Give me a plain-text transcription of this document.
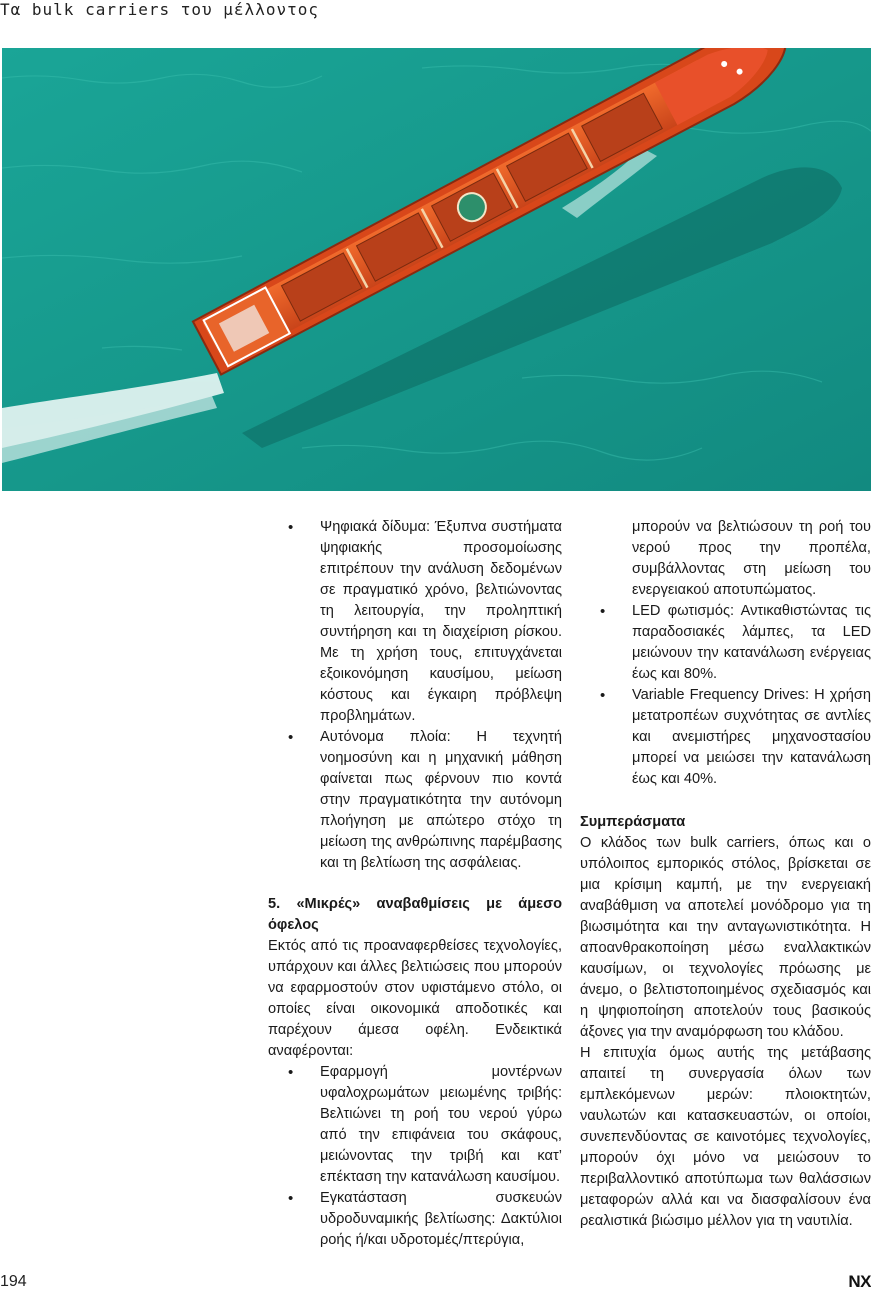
Τα bulk carriers του μέλλοντος
• Ψηφιακά δίδυμα: Έξυπνα συστήματα ψηφιακής προσομοίωσης επιτρέπουν την ανάλυση δεδομένων σε πραγματικό χρόνο, βελτιώνοντας τη λειτουργία, την προληπτική συντήρηση και τη διαχείριση ρίσκου. Με τη χρήση τους, επιτυγχάνεται εξοικονόμηση καυσίμου, μείωση κόστους και έγκαιρη πρόβλεψη προβλημάτων.
• Αυτόνομα πλοία: Η τεχνητή νοημοσύνη και η μηχανική μάθηση φαίνεται πως φέρνουν πιο κοντά στην πραγματικότητα την αυτόνομη πλοήγηση με απώτερο στόχο τη μείωση της ανθρώπινης παρέμβασης και τη βελτίωση της ασφάλειας.

5. «Μικρές» αναβαθμίσεις με άμεσο όφελος

Εκτός από τις προαναφερθείσες τεχνολογίες, υπάρχουν και άλλες βελτιώσεις που μπορούν να εφαρμοστούν στον υφιστάμενο στόλο, οι οποίες είναι οικονομικά αποδοτικές και παρέχουν άμεσα οφέλη. Ενδεικτικά αναφέρονται:

• Εφαρμογή μοντέρνων υφαλοχρωμάτων μειωμένης τριβής: Βελτιώνει τη ροή του νερού γύρω από την επιφάνεια του σκάφους, μειώνοντας την τριβή και κατ’ επέκταση την κατανάλωση καυσίμου.
• Εγκατάσταση συσκευών υδροδυναμικής βελτίωσης: Δακτύλιοι ροής ή/και υδροτομές/πτερύγια,

μπορούν να βελτιώσουν τη ροή του νερού προς την προπέλα, συμβάλλοντας στη μείωση του ενεργειακού αποτυπώματος.

• LED φωτισμός: Αντικαθιστώντας τις παραδοσιακές λάμπες, τα LED μειώνουν την κατανάλωση ενέργειας έως και 80%.
• Variable Frequency Drives: Η χρήση μετατροπέων συχνότητας σε αντλίες και ανεμιστήρες μηχανοστασίου μπορεί να μειώσει την κατανάλωση έως και 40%.

Συμπεράσματα

Ο κλάδος των bulk carriers, όπως και ο υπόλοιπος εμπορικός στόλος, βρίσκεται σε μια κρίσιμη καμπή, με την ενεργειακή αναβάθμιση να αποτελεί μονόδρομο για τη βιωσιμότητα και την ανταγωνιστικότητα. Η απoανθρακοποίηση μέσω εναλλακτικών καυσίμων, οι τεχνολογίες πρόωσης με άνεμο, ο βελτιστοποιημένος σχεδιασμός και η ψηφιοποίηση αποτελούν τους βασικούς άξονες για την αναμόρφωση του κλάδου.

Η επιτυχία όμως αυτής της μετάβασης απαιτεί τη συνεργασία όλων των εμπλεκόμενων μερών: πλοιοκτητών, ναυλωτών και κατασκευαστών, οι οποίοι, συνεπενδύοντας σε καινοτόμες τεχνολογίες, μπορούν όχι μόνο να μειώσουν το περιβαλλοντικό αποτύπωμα των θαλάσσιων μεταφορών αλλά και να διασφαλίσουν ένα ρεαλιστικά βιώσιμο μέλλον για τη ναυτιλία.

194	NX
